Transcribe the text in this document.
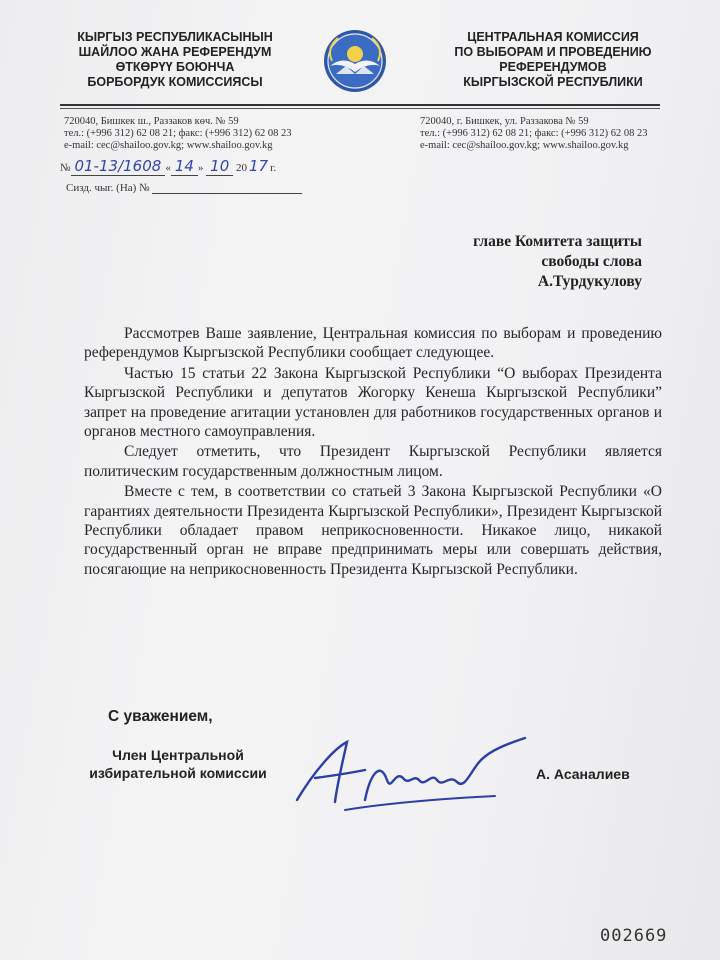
КЫРГЫЗ РЕСПУБЛИКАСЫНЫН
ШАЙЛОО ЖАНА РЕФЕРЕНДУМ
ӨТКӨРҮҮ БОЮНЧА
БОРБОРДУК КОМИССИЯСЫ
ЦЕНТРАЛЬНАЯ КОМИССИЯ
ПО ВЫБОРАМ И ПРОВЕДЕНИЮ
РЕФЕРЕНДУМОВ
КЫРГЫЗСКОЙ РЕСПУБЛИКИ
720040, Бишкек ш., Раззаков көч. № 59
тел.: (+996 312) 62 08 21; факс: (+996 312) 62 08 23
e-mail: cec@shailoo.gov.kg; www.shailoo.gov.kg
720040, г. Бишкек, ул. Раззакова № 59
тел.: (+996 312) 62 08 21; факс: (+996 312) 62 08 23
e-mail: cec@shailoo.gov.kg; www.shailoo.gov.kg
№ 01-13/1608 « 14 » 10 20 17 г.
Сизд. чыг. (На) №
главе Комитета защиты
свободы слова
А.Турдукулову

Рассмотрев Ваше заявление, Центральная комиссия по выборам и проведению референдумов Кыргызской Республики сообщает следующее.

Частью 15 статьи 22 Закона Кыргызской Республики “О выборах Президента Кыргызской Республики и депутатов Жогорку Кенеша Кыргызской Республики” запрет на проведение агитации установлен для работников государственных органов и органов местного самоуправления.

Следует отметить, что Президент Кыргызской Республики является политическим государственным должностным лицом.

Вместе с тем, в соответствии со статьей 3 Закона Кыргызской Республики «О гарантиях деятельности Президента Кыргызской Республики», Президент Кыргызской Республики обладает правом неприкосновенности. Никакое лицо, никакой государственный орган не вправе предпринимать меры или совершать действия, посягающие на неприкосновенность Президента Кыргызской Республики.

С уважением,
Член Центральной
избирательной комиссии	А. Асаналиев
002669
